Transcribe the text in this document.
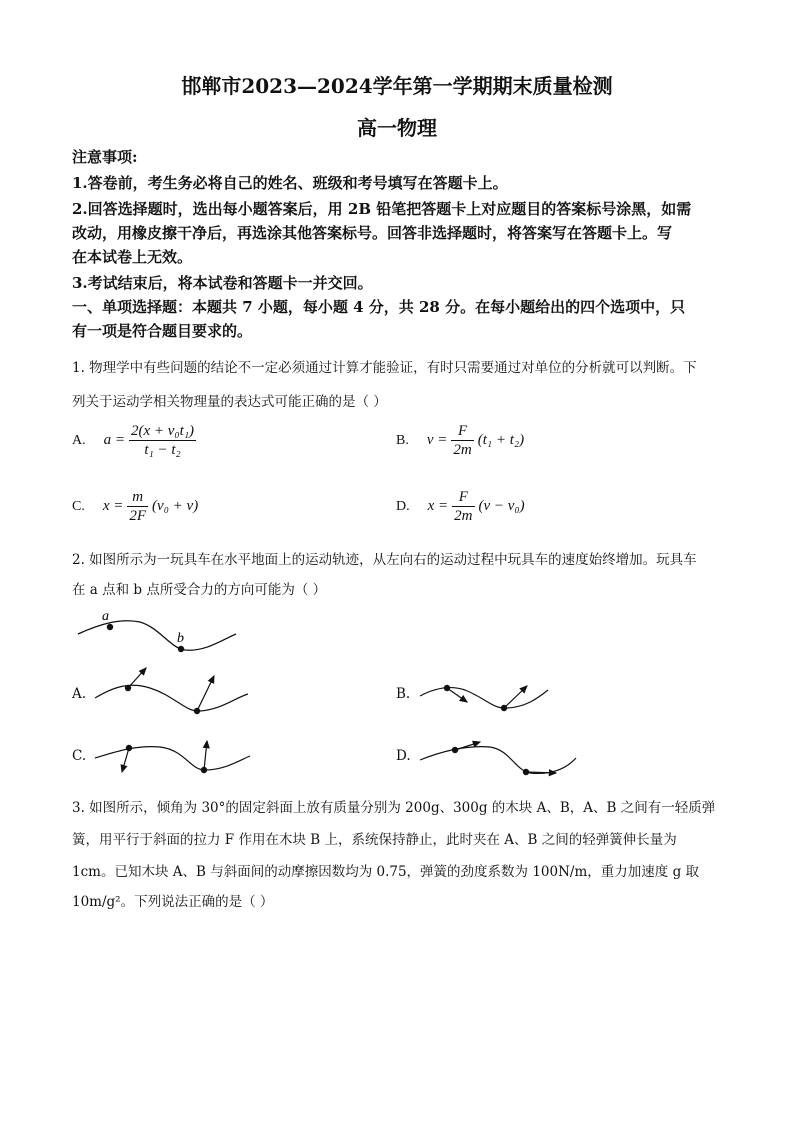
邯郸市2023—2024学年第一学期期末质量检测
高一物理
注意事项:
1.答卷前，考生务必将自己的姓名、班级和考号填写在答题卡上。
2.回答选择题时，选出每小题答案后，用 2B 铅笔把答题卡上对应题目的答案标号涂黑，如需
改动，用橡皮擦干净后，再选涂其他答案标号。回答非选择题时，将答案写在答题卡上。写
在本试卷上无效。
3.考试结束后，将本试卷和答题卡一并交回。
一、单项选择题：本题共 7 小题，每小题 4 分，共 28 分。在每小题给出的四个选项中，只
有一项是符合题目要求的。
1. 物理学中有些问题的结论不一定必须通过计算才能验证，有时只需要通过对单位的分析就可以判断。下
列关于运动学相关物理量的表达式可能正确的是（ ）
A. $a = \frac{\text{2(x + v₀t₁)}}{\text{t₁ − t₂}}$	B. $v = \frac{F}{2m} (t_1 + t_2)$
C. $x = \frac{m}{2F} (v_0 + v)$	D. $x = \frac{F}{2m} (v - v_0)$
2. 如图所示为一玩具车在水平地面上的运动轨迹，从左向右的运动过程中玩具车的速度始终增加。玩具车
在 a 点和 b 点所受合力的方向可能为（ ）
a
b
A.	B.
C.	D.
3. 如图所示，倾角为 30°的固定斜面上放有质量分别为 200g、300g 的木块 A、B，A、B 之间有一轻质弹
簧，用平行于斜面的拉力 F 作用在木块 B 上，系统保持静止，此时夹在 A、B 之间的轻弹簧伸长量为
1cm。已知木块 A、B 与斜面间的动摩擦因数均为 0.75，弹簧的劲度系数为 100N/m，重力加速度 g 取
10m/g²。下列说法正确的是（ ）
